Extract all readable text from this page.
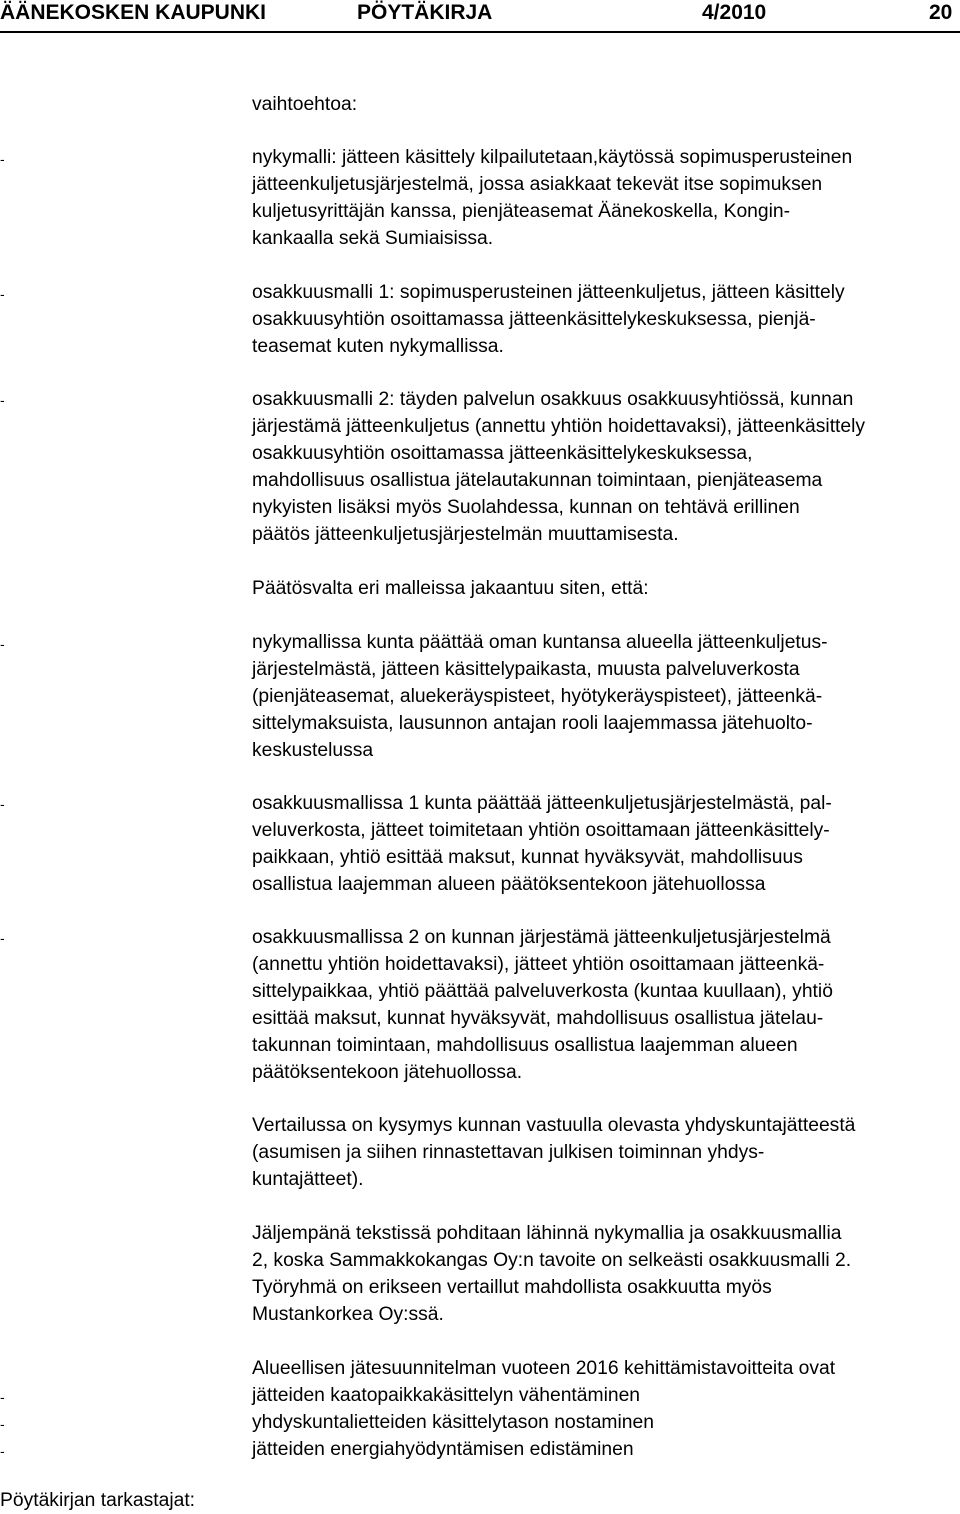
ÄÄNEKOSKEN KAUPUNKI	PÖYTÄKIRJA	4/2010	20
vaihtoehtoa:
-	nykymalli: jätteen käsittely kilpailutetaan,käytössä sopimusperusteinen
jätteenkuljetusjärjestelmä, jossa asiakkaat tekevät itse sopimuksen
kuljetusyrittäjän kanssa, pienjäteasemat Äänekoskella, Kongin-
kankaalla sekä Sumiaisissa.
-	osakkuusmalli 1: sopimusperusteinen jätteenkuljetus, jätteen käsittely
osakkuusyhtiön osoittamassa jätteenkäsittelykeskuksessa, pienjä-
teasemat kuten nykymallissa.
-	osakkuusmalli 2: täyden palvelun osakkuus osakkuusyhtiössä, kunnan
järjestämä jätteenkuljetus (annettu yhtiön hoidettavaksi), jätteenkäsittely
osakkuusyhtiön osoittamassa jätteenkäsittelykeskuksessa,
mahdollisuus osallistua jätelautakunnan toimintaan, pienjäteasema
nykyisten lisäksi myös Suolahdessa, kunnan on tehtävä erillinen
päätös jätteenkuljetusjärjestelmän muuttamisesta.
Päätösvalta eri malleissa jakaantuu siten, että:
-	nykymallissa kunta päättää oman kuntansa alueella jätteenkuljetus-
järjestelmästä, jätteen käsittelypaikasta, muusta palveluverkosta
(pienjäteasemat, aluekeräyspisteet, hyötykeräyspisteet), jätteenkä-
sittelymaksuista, lausunnon antajan rooli laajemmassa jätehuolto-
keskustelussa
-	osakkuusmallissa 1 kunta päättää jätteenkuljetusjärjestelmästä, pal-
veluverkosta, jätteet toimitetaan yhtiön osoittamaan jätteenkäsittely-
paikkaan, yhtiö esittää maksut, kunnat hyväksyvät, mahdollisuus
osallistua laajemman alueen päätöksentekoon jätehuollossa
-	osakkuusmallissa 2 on kunnan järjestämä jätteenkuljetusjärjestelmä
(annettu yhtiön hoidettavaksi), jätteet yhtiön osoittamaan jätteenkä-
sittelypaikkaa, yhtiö päättää palveluverkosta (kuntaa kuullaan), yhtiö
esittää maksut, kunnat hyväksyvät, mahdollisuus osallistua jätelau-
takunnan toimintaan, mahdollisuus osallistua laajemman alueen
päätöksentekoon jätehuollossa.
Vertailussa on kysymys kunnan vastuulla olevasta yhdyskuntajätteestä
(asumisen ja siihen rinnastettavan julkisen toiminnan yhdys-
kuntajätteet).
Jäljempänä tekstissä pohditaan lähinnä nykymallia ja osakkuusmallia
2, koska Sammakkokangas Oy:n tavoite on selkeästi osakkuusmalli 2.
Työryhmä on erikseen vertaillut mahdollista osakkuutta myös
Mustankorkea Oy:ssä.
Alueellisen jätesuunnitelman vuoteen 2016 kehittämistavoitteita ovat
-	jätteiden kaatopaikkakäsittelyn vähentäminen
-	yhdyskuntalietteiden käsittelytason nostaminen
-	jätteiden energiahyödyntämisen edistäminen
Pöytäkirjan tarkastajat:
